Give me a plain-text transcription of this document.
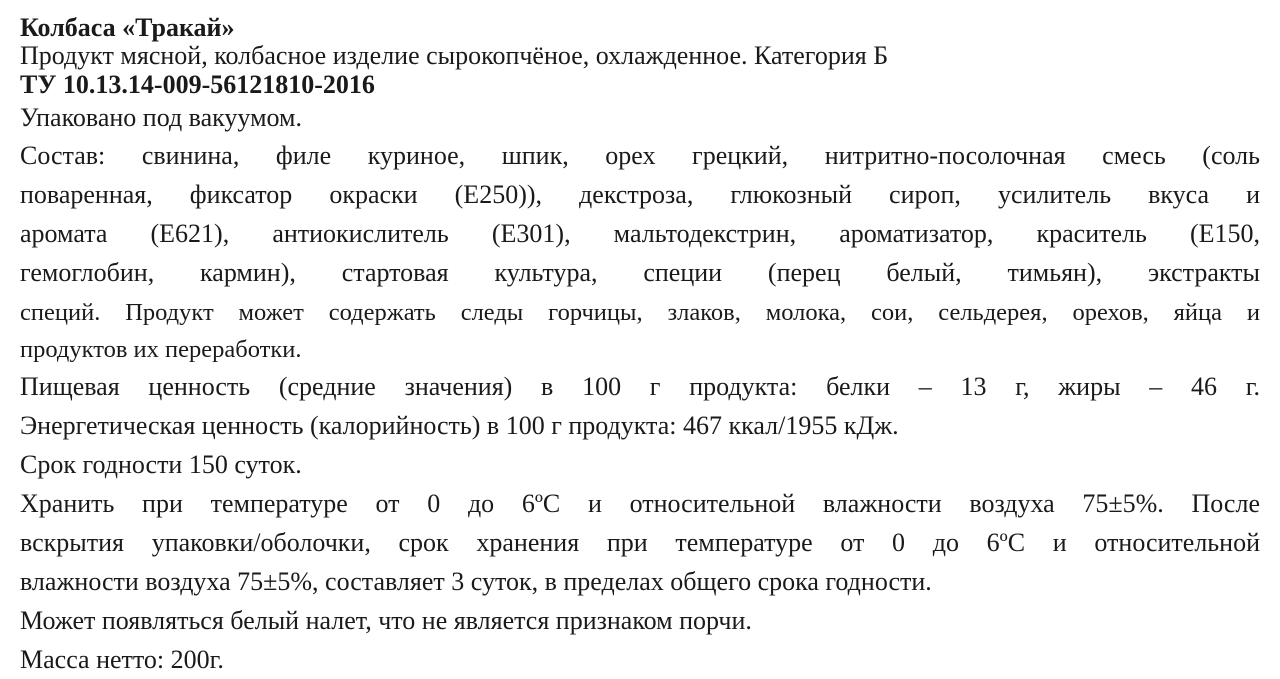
Колбаса «Тракай»

Продукт мясной, колбасное изделие сырокопчёное, охлажденное. Категория Б

ТУ 10.13.14-009-56121810-2016

Упаковано под вакуумом.

Состав: свинина, филе куриное, шпик, орех грецкий, нитритно-посолочная смесь (соль

поваренная, фиксатор окраски (Е250)), декстроза, глюкозный сироп, усилитель вкуса и

аромата (Е621), антиокислитель (Е301), мальтодекстрин, ароматизатор, краситель (Е150,

гемоглобин, кармин), стартовая культура, специи (перец белый, тимьян), экстракты

специй. Продукт может содержать следы горчицы, злаков, молока, сои, сельдерея, орехов, яйца и

продуктов их переработки.

Пищевая ценность (средние значения) в 100 г продукта: белки – 13 г, жиры – 46 г.

Энергетическая ценность (калорийность) в 100 г продукта: 467 ккал/1955 кДж.

Срок годности 150 суток.

Хранить при температуре от 0 до 6ºС и относительной влажности воздуха 75±5%. После

вскрытия упаковки/оболочки, срок хранения при температуре от 0 до 6ºС и относительной

влажности воздуха 75±5%, составляет 3 суток, в пределах общего срока годности.

Может появляться белый налет, что не является признаком порчи.

Масса нетто: 200г.
